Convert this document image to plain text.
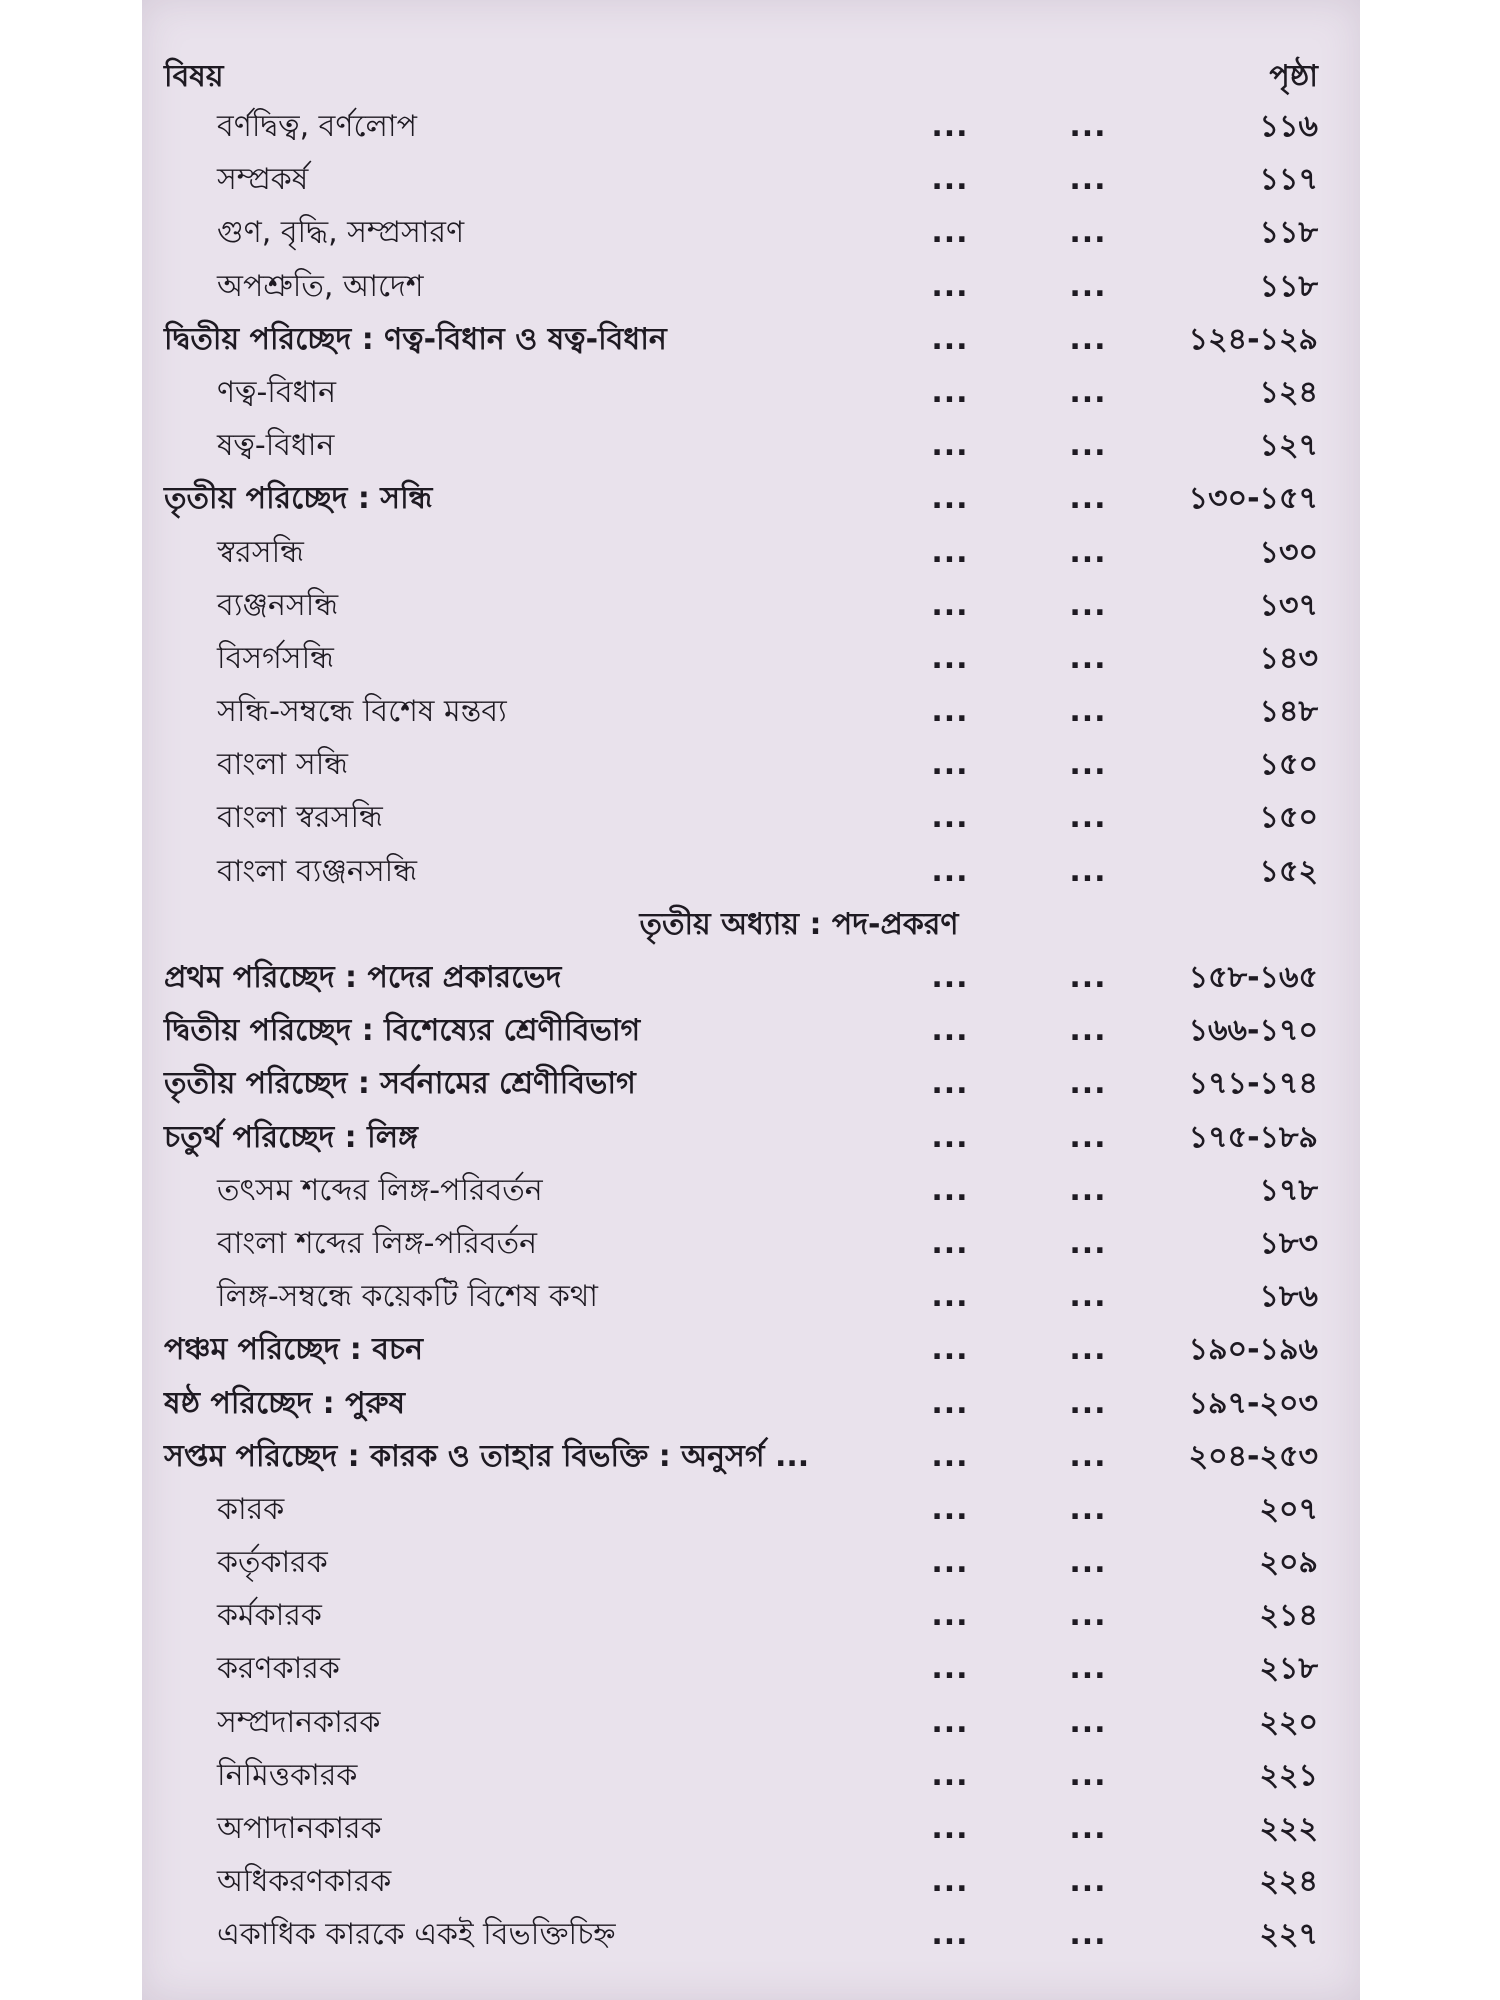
বিষয়	পৃষ্ঠা
বর্ণদ্বিত্ব, বর্ণলোপ	...	...	১১৬
সম্প্রকর্ষ	...	...	১১৭
গুণ, বৃদ্ধি, সম্প্রসারণ	...	...	১১৮
অপশ্রুতি, আদেশ	...	...	১১৮
দ্বিতীয় পরিচ্ছেদ : ণত্ব-বিধান ও ষত্ব-বিধান	...	...	১২৪-১২৯
ণত্ব-বিধান	...	...	১২৪
ষত্ব-বিধান	...	...	১২৭
তৃতীয় পরিচ্ছেদ : সন্ধি	...	...	১৩০-১৫৭
স্বরসন্ধি	...	...	১৩০
ব্যঞ্জনসন্ধি	...	...	১৩৭
বিসর্গসন্ধি	...	...	১৪৩
সন্ধি-সম্বন্ধে বিশেষ মন্তব্য	...	...	১৪৮
বাংলা সন্ধি	...	...	১৫০
বাংলা স্বরসন্ধি	...	...	১৫০
বাংলা ব্যঞ্জনসন্ধি	...	...	১৫২
তৃতীয় অধ্যায় : পদ-প্রকরণ
প্রথম পরিচ্ছেদ : পদের প্রকারভেদ	...	...	১৫৮-১৬৫
দ্বিতীয় পরিচ্ছেদ : বিশেষ্যের শ্রেণীবিভাগ	...	...	১৬৬-১৭০
তৃতীয় পরিচ্ছেদ : সর্বনামের শ্রেণীবিভাগ	...	...	১৭১-১৭৪
চতুর্থ পরিচ্ছেদ : লিঙ্গ	...	...	১৭৫-১৮৯
তৎসম শব্দের লিঙ্গ-পরিবর্তন	...	...	১৭৮
বাংলা শব্দের লিঙ্গ-পরিবর্তন	...	...	১৮৩
লিঙ্গ-সম্বন্ধে কয়েকটি বিশেষ কথা	...	...	১৮৬
পঞ্চম পরিচ্ছেদ : বচন	...	...	১৯০-১৯৬
ষষ্ঠ পরিচ্ছেদ : পুরুষ	...	...	১৯৭-২০৩
সপ্তম পরিচ্ছেদ : কারক ও তাহার বিভক্তি : অনুসর্গ ...	...	...	২০৪-২৫৩
কারক	...	...	২০৭
কর্তৃকারক	...	...	২০৯
কর্মকারক	...	...	২১৪
করণকারক	...	...	২১৮
সম্প্রদানকারক	...	...	২২০
নিমিত্তকারক	...	...	২২১
অপাদানকারক	...	...	২২২
অধিকরণকারক	...	...	২২৪
একাধিক কারকে একই বিভক্তিচিহ্ন	...	...	২২৭
